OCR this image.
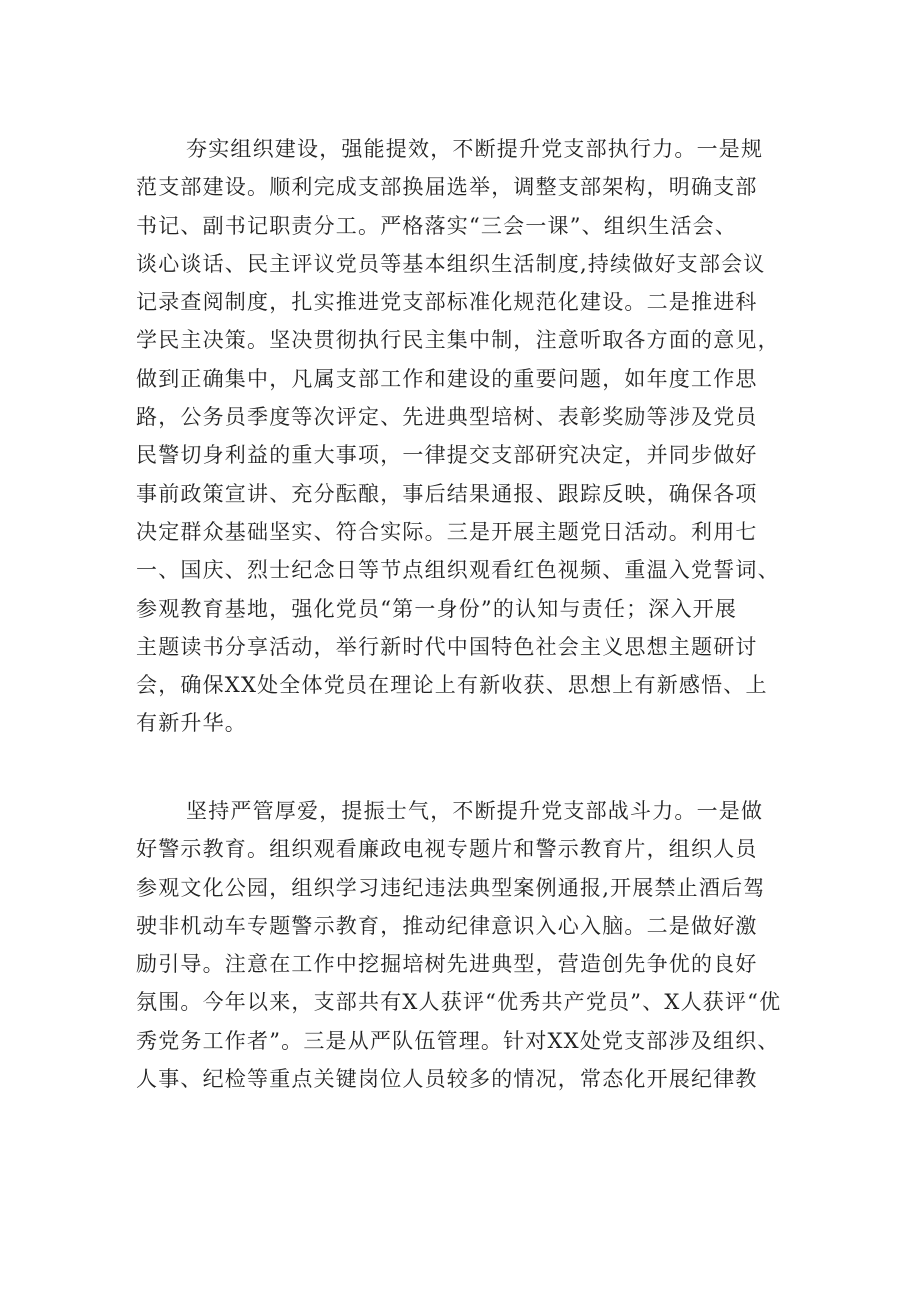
夯实组织建设，强能提效，不断提升党支部执行力。一是规
范支部建设。顺利完成支部换届选举，调整支部架构，明确支部
书记、副书记职责分工。严格落实“三会一课”、组织生活会、
谈心谈话、民主评议党员等基本组织生活制度,持续做好支部会议
记录查阅制度，扎实推进党支部标准化规范化建设。二是推进科
学民主决策。坚决贯彻执行民主集中制，注意听取各方面的意见，
做到正确集中，凡属支部工作和建设的重要问题，如年度工作思
路，公务员季度等次评定、先进典型培树、表彰奖励等涉及党员
民警切身利益的重大事项，一律提交支部研究决定，并同步做好
事前政策宣讲、充分酝酿，事后结果通报、跟踪反映，确保各项
决定群众基础坚实、符合实际。三是开展主题党日活动。利用七
一、国庆、烈士纪念日等节点组织观看红色视频、重温入党誓词、
参观教育基地，强化党员“第一身份”的认知与责任；深入开展
主题读书分享活动，举行新时代中国特色社会主义思想主题研讨
会，确保XX处全体党员在理论上有新收获、思想上有新感悟、上
有新升华。
坚持严管厚爱，提振士气，不断提升党支部战斗力。一是做
好警示教育。组织观看廉政电视专题片和警示教育片，组织人员
参观文化公园，组织学习违纪违法典型案例通报,开展禁止酒后驾
驶非机动车专题警示教育，推动纪律意识入心入脑。二是做好激
励引导。注意在工作中挖掘培树先进典型，营造创先争优的良好
氛围。今年以来，支部共有X人获评“优秀共产党员”、X人获评“优
秀党务工作者”。三是从严队伍管理。针对XX处党支部涉及组织、
人事、纪检等重点关键岗位人员较多的情况，常态化开展纪律教
